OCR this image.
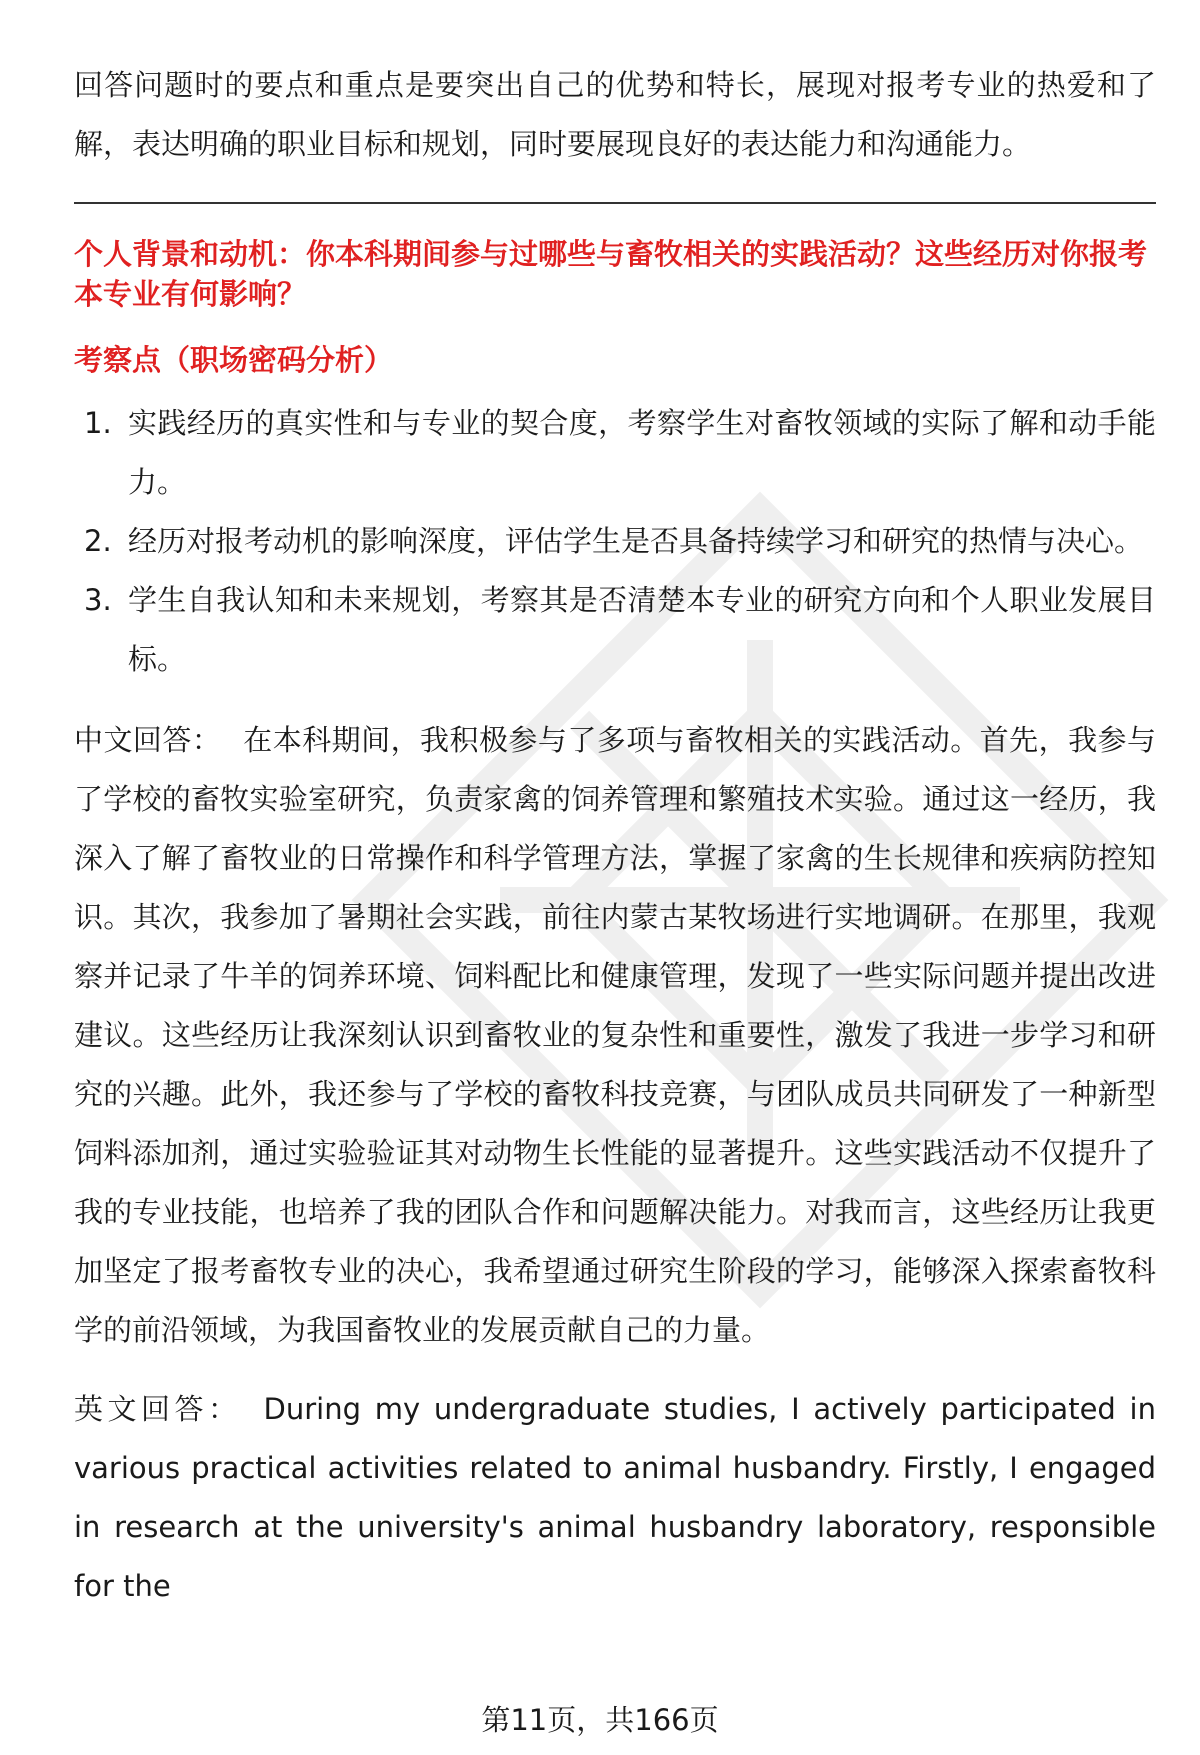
回答问题时的要点和重点是要突出自己的优势和特长，展现对报考专业的热爱和了解，表达明确的职业目标和规划，同时要展现良好的表达能力和沟通能力。

个人背景和动机：你本科期间参与过哪些与畜牧相关的实践活动？这些经历对你报考本专业有何影响？
考察点（职场密码分析）
1. 实践经历的真实性和与专业的契合度，考察学生对畜牧领域的实际了解和动手能力。
2. 经历对报考动机的影响深度，评估学生是否具备持续学习和研究的热情与决心。
3. 学生自我认知和未来规划，考察其是否清楚本专业的研究方向和个人职业发展目标。

中文回答： 在本科期间，我积极参与了多项与畜牧相关的实践活动。首先，我参与了学校的畜牧实验室研究，负责家禽的饲养管理和繁殖技术实验。通过这一经历，我深入了解了畜牧业的日常操作和科学管理方法，掌握了家禽的生长规律和疾病防控知识。其次，我参加了暑期社会实践，前往内蒙古某牧场进行实地调研。在那里，我观察并记录了牛羊的饲养环境、饲料配比和健康管理，发现了一些实际问题并提出改进建议。这些经历让我深刻认识到畜牧业的复杂性和重要性，激发了我进一步学习和研究的兴趣。此外，我还参与了学校的畜牧科技竞赛，与团队成员共同研发了一种新型饲料添加剂，通过实验验证其对动物生长性能的显著提升。这些实践活动不仅提升了我的专业技能，也培养了我的团队合作和问题解决能力。对我而言，这些经历让我更加坚定了报考畜牧专业的决心，我希望通过研究生阶段的学习，能够深入探索畜牧科学的前沿领域，为我国畜牧业的发展贡献自己的力量。

英文回答： During my undergraduate studies, I actively participated in various practical activities related to animal husbandry. Firstly, I engaged in research at the university's animal husbandry laboratory, responsible for the

第11页，共166页
